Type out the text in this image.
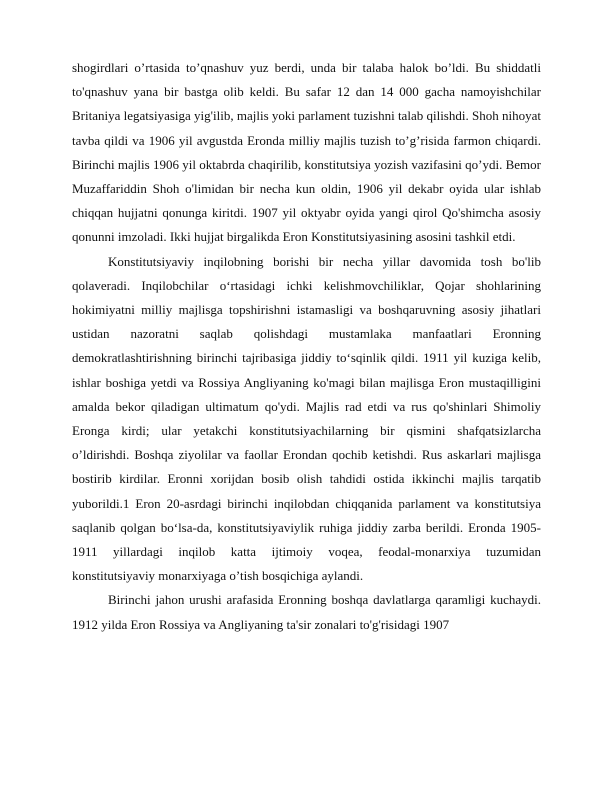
shogirdlari o’rtasida to’qnashuv yuz berdi, unda bir talaba halok bo’ldi. Bu shiddatli to'qnashuv yana bir bastga olib keldi. Bu safar 12 dan 14 000 gacha namoyishchilar Britaniya legatsiyasiga yig'ilib, majlis yoki parlament tuzishni talab qilishdi. Shoh nihoyat tavba qildi va 1906 yil avgustda Eronda milliy majlis tuzish to’g’risida farmon chiqardi. Birinchi majlis 1906 yil oktabrda chaqirilib, konstitutsiya yozish vazifasini qo’ydi. Bemor Muzaffariddin Shoh o'limidan bir necha kun oldin, 1906 yil dekabr oyida ular ishlab chiqqan hujjatni qonunga kiritdi. 1907 yil oktyabr oyida yangi qirol Qo'shimcha asosiy qonunni imzoladi. Ikki hujjat birgalikda Eron Konstitutsiyasining asosini tashkil etdi.

Konstitutsiyaviy inqilobning borishi bir necha yillar davomida tosh bo'lib qolaveradi. Inqilobchilar o‘rtasidagi ichki kelishmovchiliklar, Qojar shohlarining hokimiyatni milliy majlisga topshirishni istamasligi va boshqaruvning asosiy jihatlari ustidan nazoratni saqlab qolishdagi mustamlaka manfaatlari Eronning demokratlashtirishning birinchi tajribasiga jiddiy to‘sqinlik qildi. 1911 yil kuziga kelib, ishlar boshiga yetdi va Rossiya Angliyaning ko'magi bilan majlisga Eron mustaqilligini amalda bekor qiladigan ultimatum qo'ydi. Majlis rad etdi va rus qo'shinlari Shimoliy Eronga kirdi; ular yetakchi konstitutsiyachilarning bir qismini shafqatsizlarcha o’ldirishdi. Boshqa ziyolilar va faollar Erondan qochib ketishdi. Rus askarlari majlisga bostirib kirdilar. Eronni xorijdan bosib olish tahdidi ostida ikkinchi majlis tarqatib yuborildi.1 Eron 20-asrdagi birinchi inqilobdan chiqqanida parlament va konstitutsiya saqlanib qolgan bo‘lsa-da, konstitutsiyaviylik ruhiga jiddiy zarba berildi. Eronda 1905-1911 yillardagi inqilob katta ijtimoiy voqea, feodal-monarxiya tuzumidan konstitutsiyaviy monarxiyaga o’tish bosqichiga aylandi.

Birinchi jahon urushi arafasida Eronning boshqa davlatlarga qaramligi kuchaydi. 1912 yilda Eron Rossiya va Angliyaning ta'sir zonalari to'g'risidagi 1907
